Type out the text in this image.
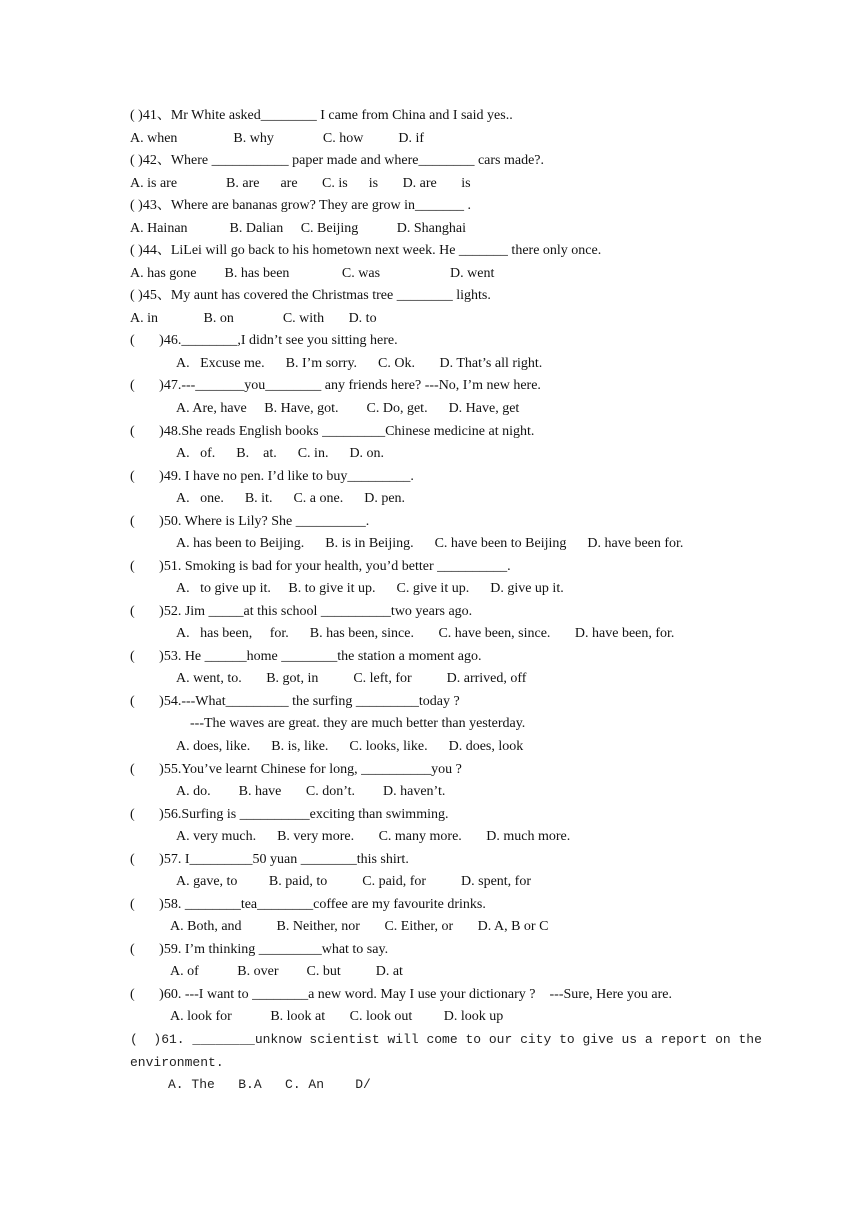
( )41、Mr White asked________ I came from China and I said yes..
A. when                B. why              C. how          D. if
( )42、Where ___________ paper made and where________ cars made?.
A. is are              B. are      are       C. is      is       D. are       is
( )43、Where are bananas grow? They are grow in_______ .
A. Hainan            B. Dalian     C. Beijing           D. Shanghai
( )44、LiLei will go back to his hometown next week. He _______ there only once.
A. has gone        B. has been               C. was                    D. went
( )45、My aunt has covered the Christmas tree ________ lights.
A. in             B. on              C. with       D. to
(       )46.________,I didn’t see you sitting here.
A.   Excuse me.      B. I’m sorry.      C. Ok.       D. That’s all right.
(       )47.---_______you________ any friends here? ---No, I’m new here.
A. Are, have     B. Have, got.        C. Do, get.      D. Have, get
(       )48.She reads English books _________Chinese medicine at night.
A.   of.      B.    at.      C. in.      D. on.
(       )49. I have no pen. I’d like to buy_________.
A.   one.      B. it.      C. a one.      D. pen.
(       )50. Where is Lily? She __________.
A. has been to Beijing.      B. is in Beijing.      C. have been to Beijing      D. have been for.
(       )51. Smoking is bad for your health, you’d better __________.
A.   to give up it.     B. to give it up.      C. give it up.      D. give up it.
(       )52. Jim _____at this school __________two years ago.
A.   has been,     for.      B. has been, since.       C. have been, since.       D. have been, for.
(       )53. He ______home ________the station a moment ago.
A. went, to.       B. got, in          C. left, for          D. arrived, off
(       )54.---What_________ the surfing _________today ?
---The waves are great. they are much better than yesterday.
A. does, like.      B. is, like.      C. looks, like.      D. does, look
(       )55.You’ve learnt Chinese for long, __________you ?
A. do.        B. have       C. don’t.        D. haven’t.
(       )56.Surfing is __________exciting than swimming.
A. very much.      B. very more.       C. many more.       D. much more.
(       )57. I_________50 yuan ________this shirt.
A. gave, to         B. paid, to          C. paid, for          D. spent, for
(       )58. ________tea________coffee are my favourite drinks.
A. Both, and          B. Neither, nor       C. Either, or       D. A, B or C
(       )59. I’m thinking _________what to say.
A. of           B. over        C. but          D. at
(       )60. ---I want to ________a new word. May I use your dictionary ?    ---Sure, Here you are.
A. look for           B. look at       C. look out         D. look up
(  )61. ________unknow scientist will come to our city to give us a report on the
environment.
A. The   B.A   C. An    D/
